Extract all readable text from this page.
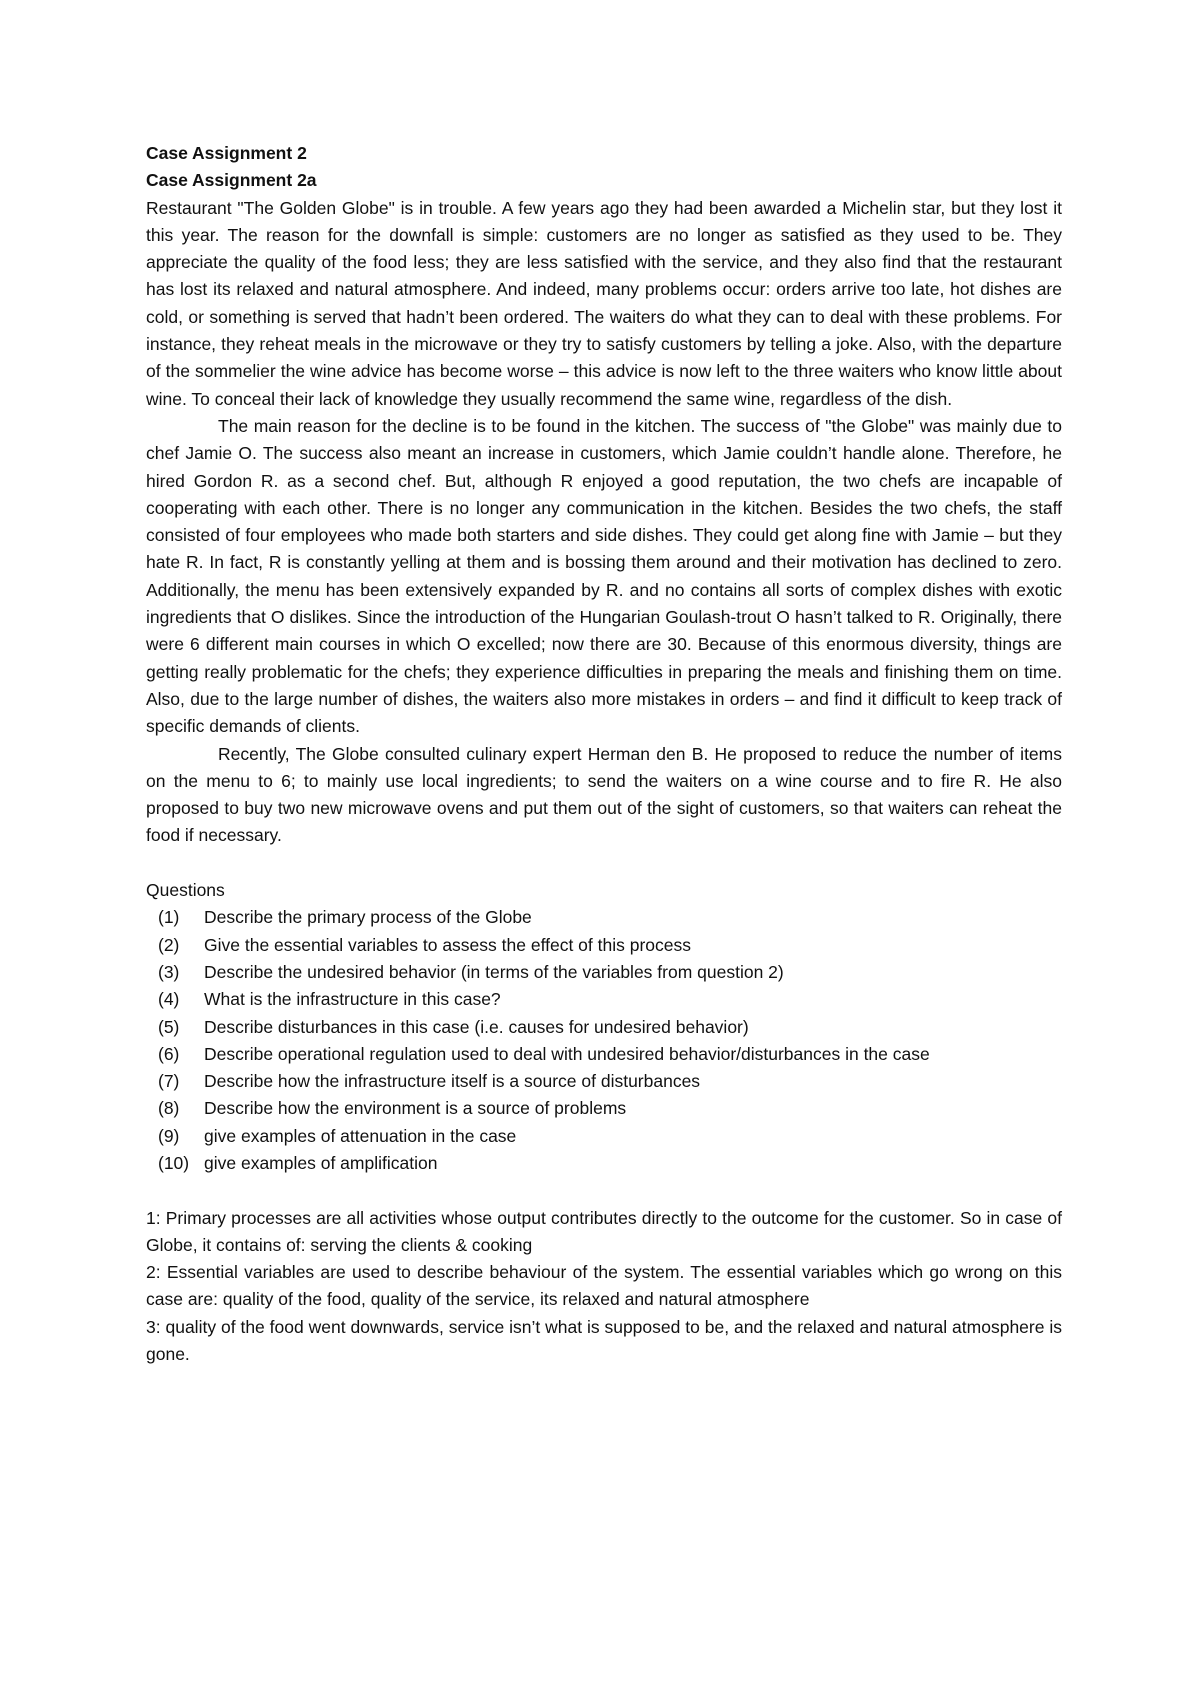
Case Assignment 2

Case Assignment 2a

Restaurant "The Golden Globe" is in trouble. A few years ago they had been awarded a Michelin star, but they lost it this year. The reason for the downfall is simple: customers are no longer as satisfied as they used to be. They appreciate the quality of the food less; they are less satisfied with the service, and they also find that the restaurant has lost its relaxed and natural atmosphere. And indeed, many problems occur: orders arrive too late, hot dishes are cold, or something is served that hadn’t been ordered. The waiters do what they can to deal with these problems. For instance, they reheat meals in the microwave or they try to satisfy customers by telling a joke. Also, with the departure of the sommelier the wine advice has become worse – this advice is now left to the three waiters who know little about wine. To conceal their lack of knowledge they usually recommend the same wine, regardless of the dish.

The main reason for the decline is to be found in the kitchen. The success of "the Globe" was mainly due to chef Jamie O. The success also meant an increase in customers, which Jamie couldn’t handle alone. Therefore, he hired Gordon R. as a second chef. But, although R enjoyed a good reputation, the two chefs are incapable of cooperating with each other. There is no longer any communication in the kitchen. Besides the two chefs, the staff consisted of four employees who made both starters and side dishes. They could get along fine with Jamie – but they hate R. In fact, R is constantly yelling at them and is bossing them around and their motivation has declined to zero. Additionally, the menu has been extensively expanded by R. and no contains all sorts of complex dishes with exotic ingredients that O dislikes. Since the introduction of the Hungarian Goulash-trout O hasn’t talked to R. Originally, there were 6 different main courses in which O excelled; now there are 30. Because of this enormous diversity, things are getting really problematic for the chefs; they experience difficulties in preparing the meals and finishing them on time. Also, due to the large number of dishes, the waiters also more mistakes in orders – and find it difficult to keep track of specific demands of clients.

Recently, The Globe consulted culinary expert Herman den B. He proposed to reduce the number of items on the menu to 6; to mainly use local ingredients; to send the waiters on a wine course and to fire R. He also proposed to buy two new microwave ovens and put them out of the sight of customers, so that waiters can reheat the food if necessary.

Questions

(1)	Describe the primary process of the Globe
(2)	Give the essential variables to assess the effect of this process
(3)	Describe the undesired behavior (in terms of the variables from question 2)
(4)	What is the infrastructure in this case?
(5)	Describe disturbances in this case (i.e. causes for undesired behavior)
(6)	Describe operational regulation used to deal with undesired behavior/disturbances in the case
(7)	Describe how the infrastructure itself is a source of disturbances
(8)	Describe how the environment is a source of problems
(9)	give examples of attenuation in the case
(10) give examples of amplification

1: Primary processes are all activities whose output contributes directly to the outcome for the customer. So in case of Globe, it contains of: serving the clients & cooking

2: Essential variables are used to describe behaviour of the system. The essential variables which go wrong on this case are: quality of the food, quality of the service, its relaxed and natural atmosphere

3: quality of the food went downwards, service isn’t what is supposed to be, and the relaxed and natural atmosphere is gone.
